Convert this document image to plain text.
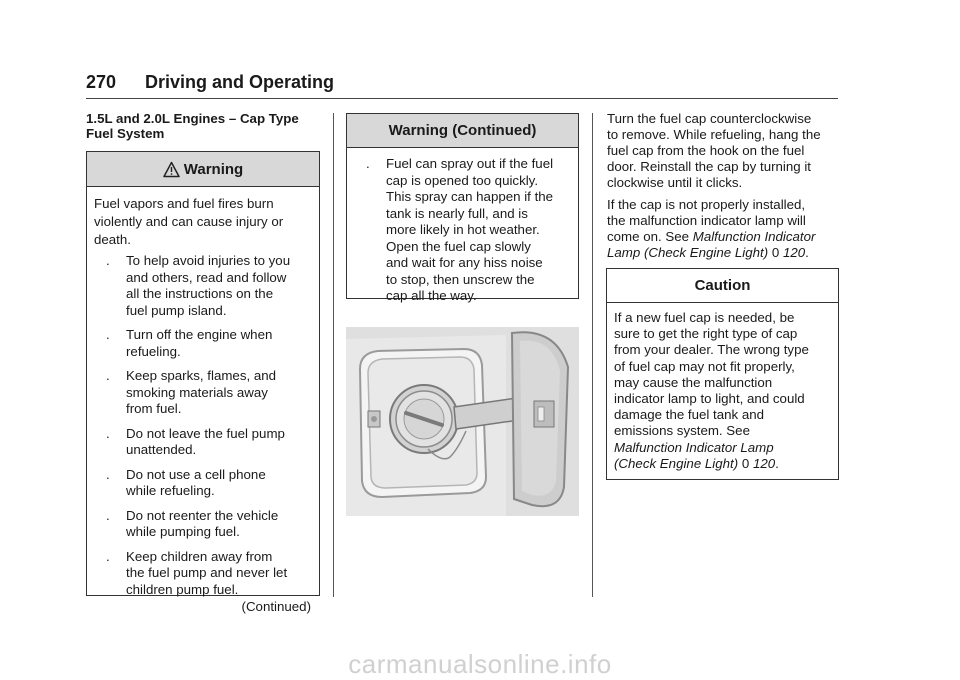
270 Driving and Operating
1.5L and 2.0L Engines – Cap Type
Fuel System
Warning
Fuel vapors and fuel fires burn
violently and can cause injury or
death.
. To help avoid injuries to you
and others, read and follow
all the instructions on the
fuel pump island.
. Turn off the engine when
refueling.
. Keep sparks, flames, and
smoking materials away
from fuel.
. Do not leave the fuel pump
unattended.
. Do not use a cell phone
while refueling.
. Do not reenter the vehicle
while pumping fuel.
. Keep children away from
the fuel pump and never let
children pump fuel.
(Continued)
Warning (Continued)
. Fuel can spray out if the fuel
cap is opened too quickly.
This spray can happen if the
tank is nearly full, and is
more likely in hot weather.
Open the fuel cap slowly
and wait for any hiss noise
to stop, then unscrew the
cap all the way.
Turn the fuel cap counterclockwise
to remove. While refueling, hang the
fuel cap from the hook on the fuel
door. Reinstall the cap by turning it
clockwise until it clicks.
If the cap is not properly installed,
the malfunction indicator lamp will
come on. See Malfunction Indicator
Lamp (Check Engine Light) 0 120.
Caution
If a new fuel cap is needed, be
sure to get the right type of cap
from your dealer. The wrong type
of fuel cap may not fit properly,
may cause the malfunction
indicator lamp to light, and could
damage the fuel tank and
emissions system. See
Malfunction Indicator Lamp
(Check Engine Light) 0 120.
carmanualsonline.info
